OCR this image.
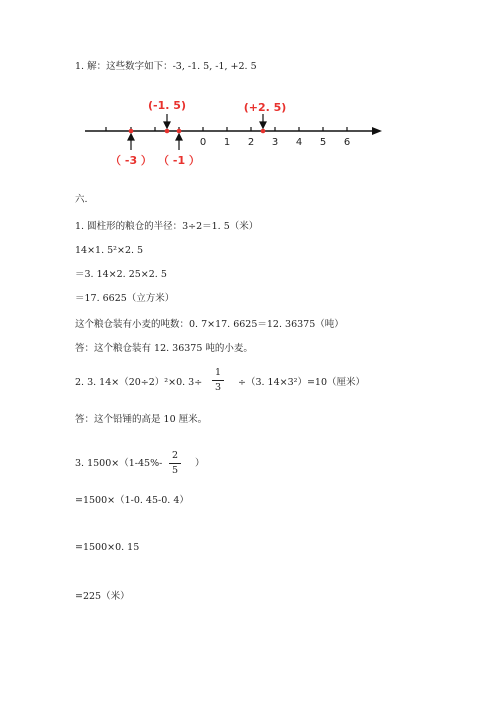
1. 解：这些数字如下：-3, -1. 5, -1, +2. 5
0 1 2 3 4 5 6
(-1. 5)	(+2. 5)
（ -3 ） （ -1 ）
六.
1. 圆柱形的粮仓的半径：3÷2＝1. 5（米）
14×1. 5²×2. 5
＝3. 14×2. 25×2. 5
＝17. 6625（立方米）
这个粮仓装有小麦的吨数：0. 7×17. 6625＝12. 36375（吨）
答：这个粮仓装有 12. 36375 吨的小麦。
2. 3. 14×（20÷2）²×0. 3÷
1
3	÷（3. 14×3²）=10（厘米）
答：这个铅锤的高是 10 厘米。
3. 1500×（1-45%-
2
5
）
=1500×（1-0. 45-0. 4）
=1500×0. 15
=225（米）
